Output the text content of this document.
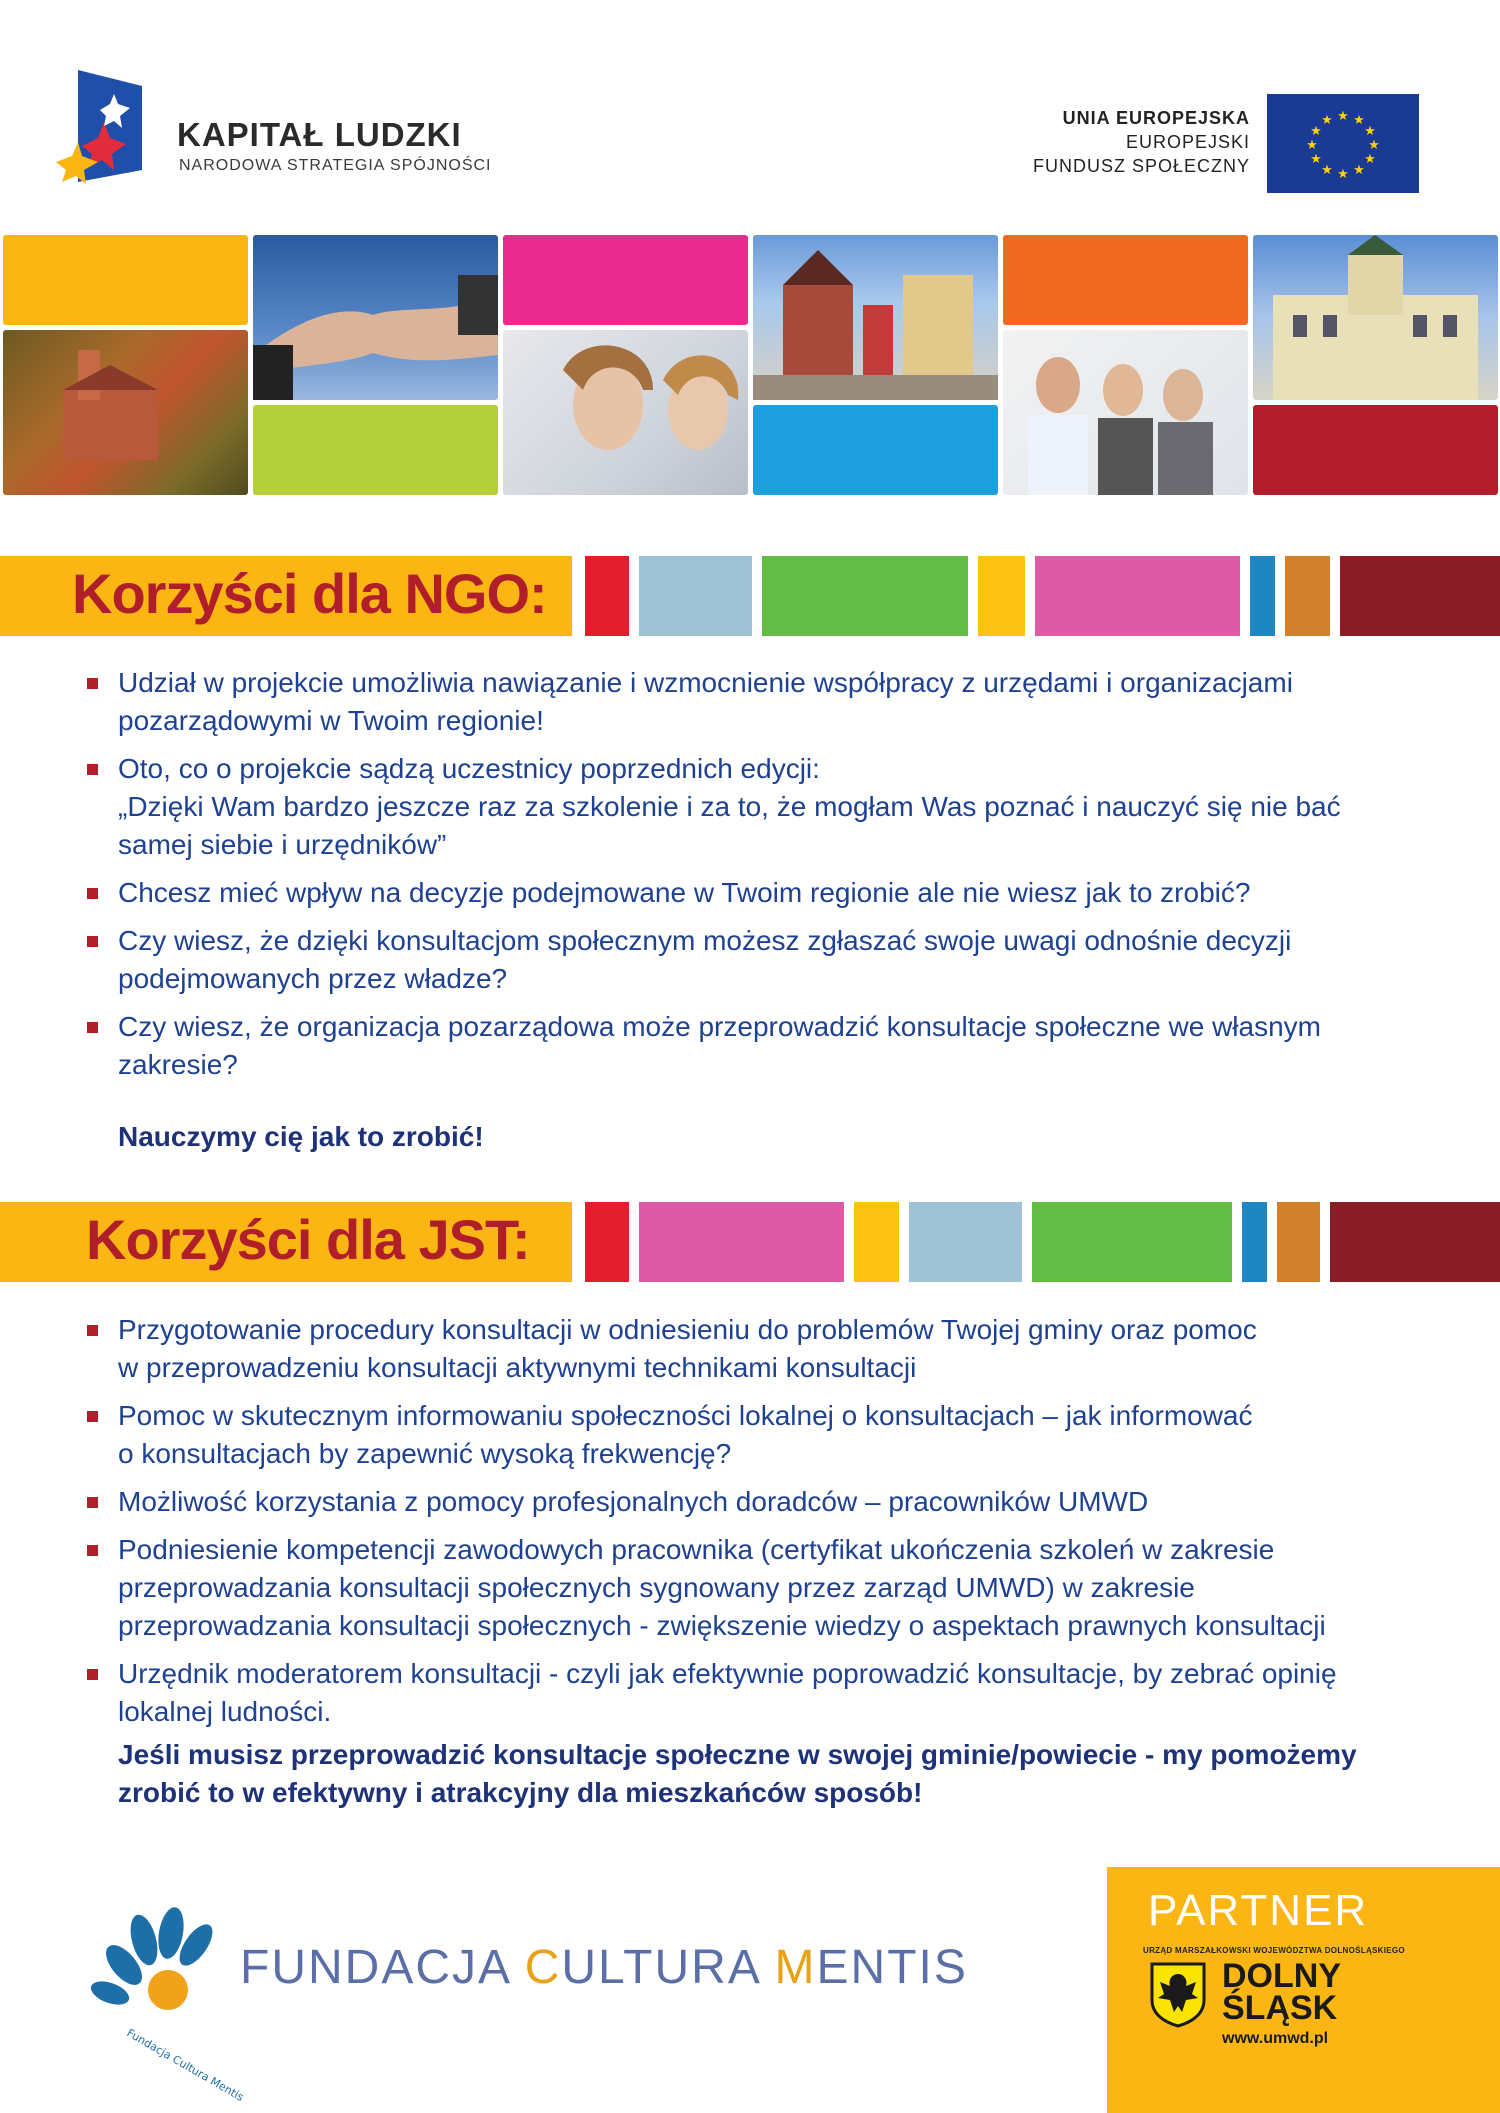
KAPITAŁ LUDZKI
NARODOWA STRATEGIA SPÓJNOŚCI
UNIA EUROPEJSKA
EUROPEJSKI
FUNDUSZ SPOŁECZNY
★ ★
★
★
★
★
★
★
★
★
★
★
Korzyści dla NGO:
Udział w projekcie umożliwia nawiązanie i wzmocnienie współpracy z urzędami i organizacjami
pozarządowymi w Twoim regionie!
Oto, co o projekcie sądzą uczestnicy poprzednich edycji:
„Dzięki Wam bardzo jeszcze raz za szkolenie i za to, że mogłam Was poznać i nauczyć się nie bać
samej siebie i urzędników”
Chcesz mieć wpływ na decyzje podejmowane w Twoim regionie ale nie wiesz jak to zrobić?
Czy wiesz, że dzięki konsultacjom społecznym możesz zgłaszać swoje uwagi odnośnie decyzji
podejmowanych przez władze?
Czy wiesz, że organizacja pozarządowa może przeprowadzić konsultacje społeczne we własnym
zakresie?
Nauczymy cię jak to zrobić!
Korzyści dla JST:
Przygotowanie procedury konsultacji w odniesieniu do problemów Twojej gminy oraz pomoc
w przeprowadzeniu konsultacji aktywnymi technikami konsultacji
Pomoc w skutecznym informowaniu społeczności lokalnej o konsultacjach – jak informować
o konsultacjach by zapewnić wysoką frekwencję?
Możliwość korzystania z pomocy profesjonalnych doradców – pracowników UMWD
Podniesienie kompetencji zawodowych pracownika (certyfikat ukończenia szkoleń w zakresie
przeprowadzania konsultacji społecznych sygnowany przez zarząd UMWD) w zakresie
przeprowadzania konsultacji społecznych - zwiększenie wiedzy o aspektach prawnych konsultacji
Urzędnik moderatorem konsultacji - czyli jak efektywnie poprowadzić konsultacje, by zebrać opinię
lokalnej ludności.
Jeśli musisz przeprowadzić konsultacje społeczne w swojej gminie/powiecie - my pomożemy
zrobić to w efektywny i atrakcyjny dla mieszkańców sposób!
Fundacja Cultura Mentis
FUNDACJA CULTURA MENTIS
PARTNER
URZĄD MARSZAŁKOWSKI WOJEWÓDZTWA DOLNOŚLĄSKIEGO
DOLNY
ŚLĄSK
www.umwd.pl
